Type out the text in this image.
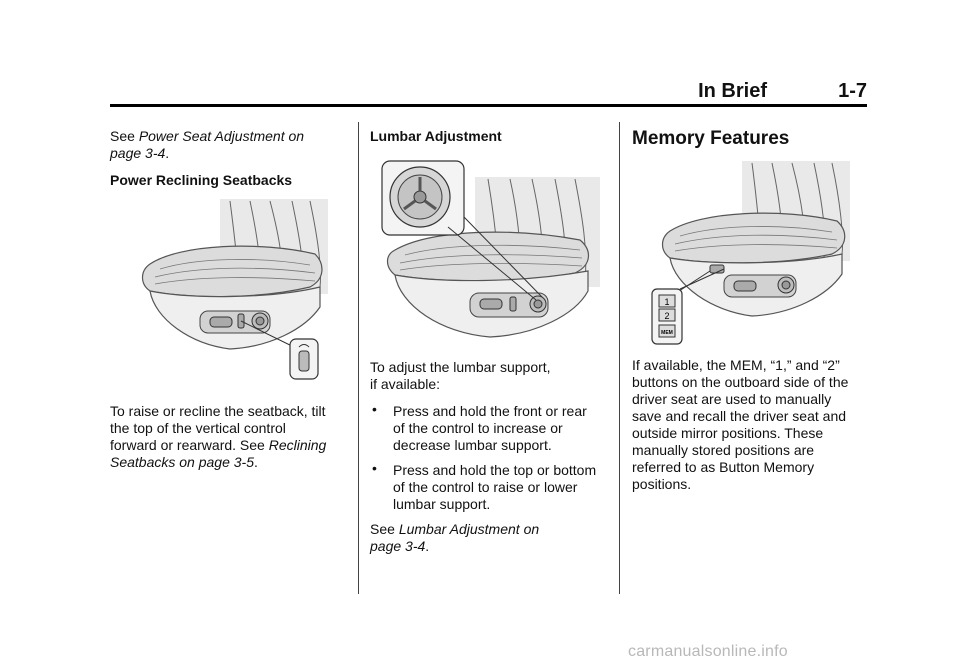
In Brief	1-7

See Power Seat Adjustment on
page 3-4.

Power Reclining Seatbacks

To raise or recline the seatback, tilt
the top of the vertical control
forward or rearward. See Reclining
Seatbacks on page 3-5.

Lumbar Adjustment

To adjust the lumbar support,
if available:

• Press and hold the front or rear
of the control to increase or
decrease lumbar support.
• Press and hold the top or bottom
of the control to raise or lower
lumbar support.

See Lumbar Adjustment on
page 3-4.

Memory Features

1
2
MEM

If available, the MEM, “1,” and “2”
buttons on the outboard side of the
driver seat are used to manually
save and recall the driver seat and
outside mirror positions. These
manually stored positions are
referred to as Button Memory
positions.

carmanualsonline.info
